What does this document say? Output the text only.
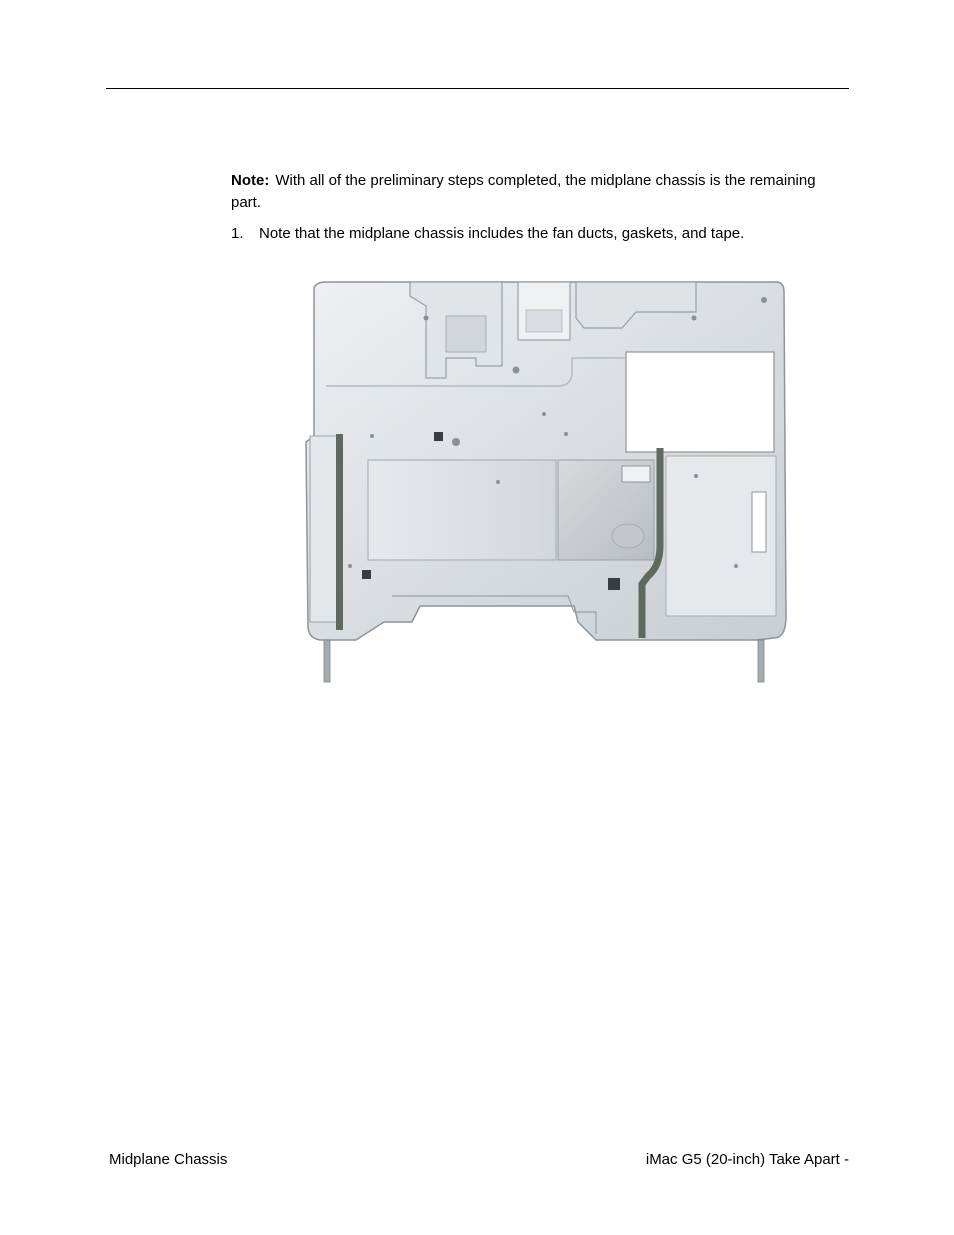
Note: With all of the preliminary steps completed, the midplane chassis is the remaining part.

1.	Note that the midplane chassis includes the fan ducts, gaskets, and tape.
Midplane Chassis	iMac G5 (20-inch) Take Apart -
